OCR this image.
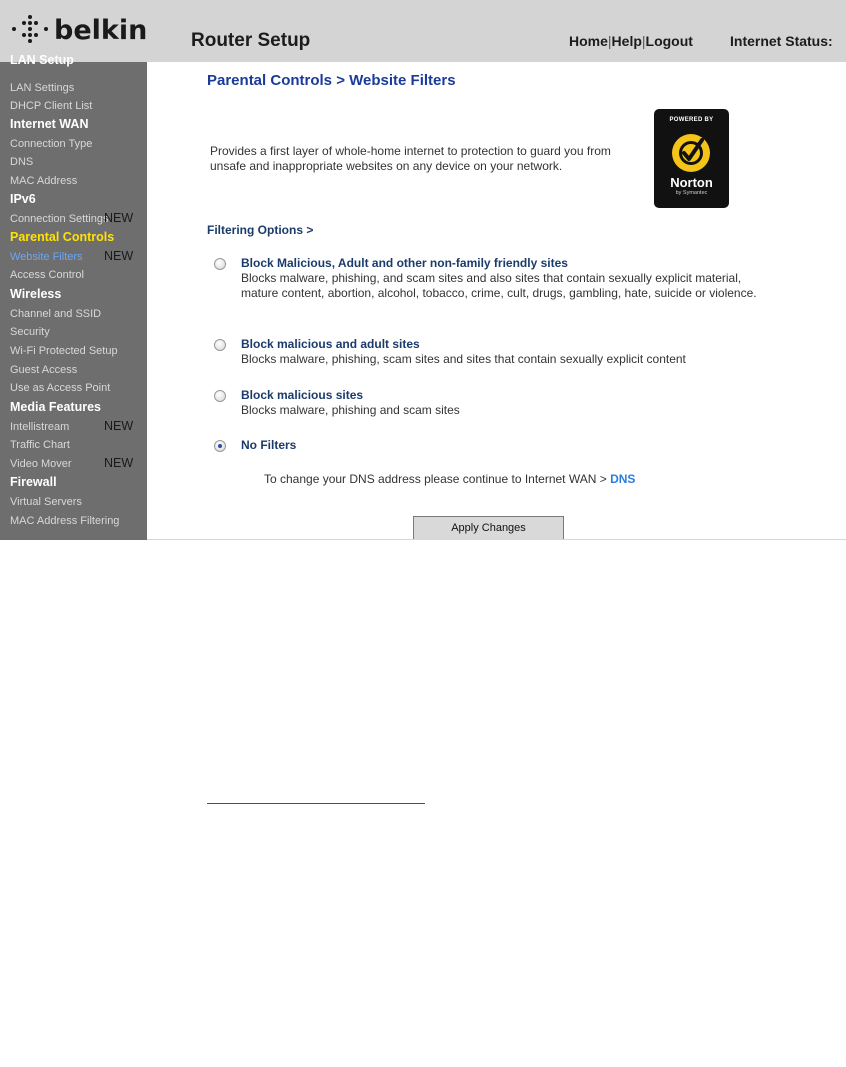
belkin Router Setup	Home | Help | Logout	Internet Status:
LAN Setup
LAN Settings
DHCP Client List
Internet WAN
Connection Type
DNS
MAC Address
IPv6
Connection Settings
NEW
Parental Controls
Website Filters	NEW
Access Control
Wireless
Channel and SSID
Security
Wi-Fi Protected Setup
Guest Access
Use as Access Point
Media Features
Intellistream	NEW
Traffic Chart
Video Mover	NEW
Firewall
Virtual Servers
MAC Address Filtering
Parental Controls > Website Filters
Provides a first layer of whole-home internet to protection to guard you from unsafe and inappropriate websites on any device on your network.
POWERED BY
Norton
by Symantec
Filtering Options >
Block Malicious, Adult and other non-family friendly sites
Blocks malware, phishing, and scam sites and also sites that contain sexually explicit material, mature content, abortion, alcohol, tobacco, crime, cult, drugs, gambling, hate, suicide or violence.
Block malicious and adult sites
Blocks malware, phishing, scam sites and sites that contain sexually explicit content
Block malicious sites
Blocks malware, phishing and scam sites
No Filters
To change your DNS address please continue to Internet WAN > DNS
Apply Changes
